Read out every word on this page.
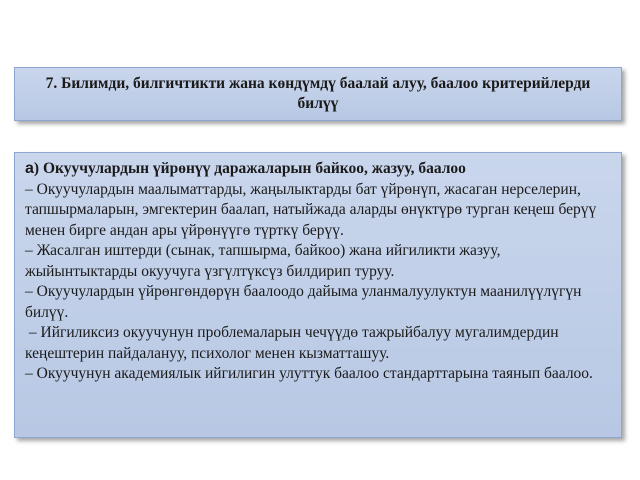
7. Билимди, билгичтикти жана көндүмдү баалай алуу, баалоо критерийлерди билүү
а) Окуучулардын үйрөнүү даражаларын байкоо, жазуу, баалоо
– Окуучулардын маалыматтарды, жаңылыктарды бат үйрөнүп, жасаган нерселерин, тапшырмаларын, эмгектерин баалап, натыйжада аларды өнүктүрө турган кеңеш берүү менен бирге андан ары үйрөнүүгө түрткү берүү.
– Жасалган иштерди (сынак, тапшырма, байкоо) жана ийгиликти жазуу, жыйынтыктарды окуучуга үзгүлтүксүз билдирип туруу.
– Окуучулардын үйрөнгөндөрүн баалоодо дайыма уланмалуулуктун маанилүүлүгүн билүү.
– Ийгиликсиз окуучунун проблемаларын чечүүдө тажрыйбалуу мугалимдердин кеңештерин пайдалануу, психолог менен кызматташуу.
– Окуучунун академиялык ийгилигин улуттук баалоо стандарттарына таянып баалоо.
